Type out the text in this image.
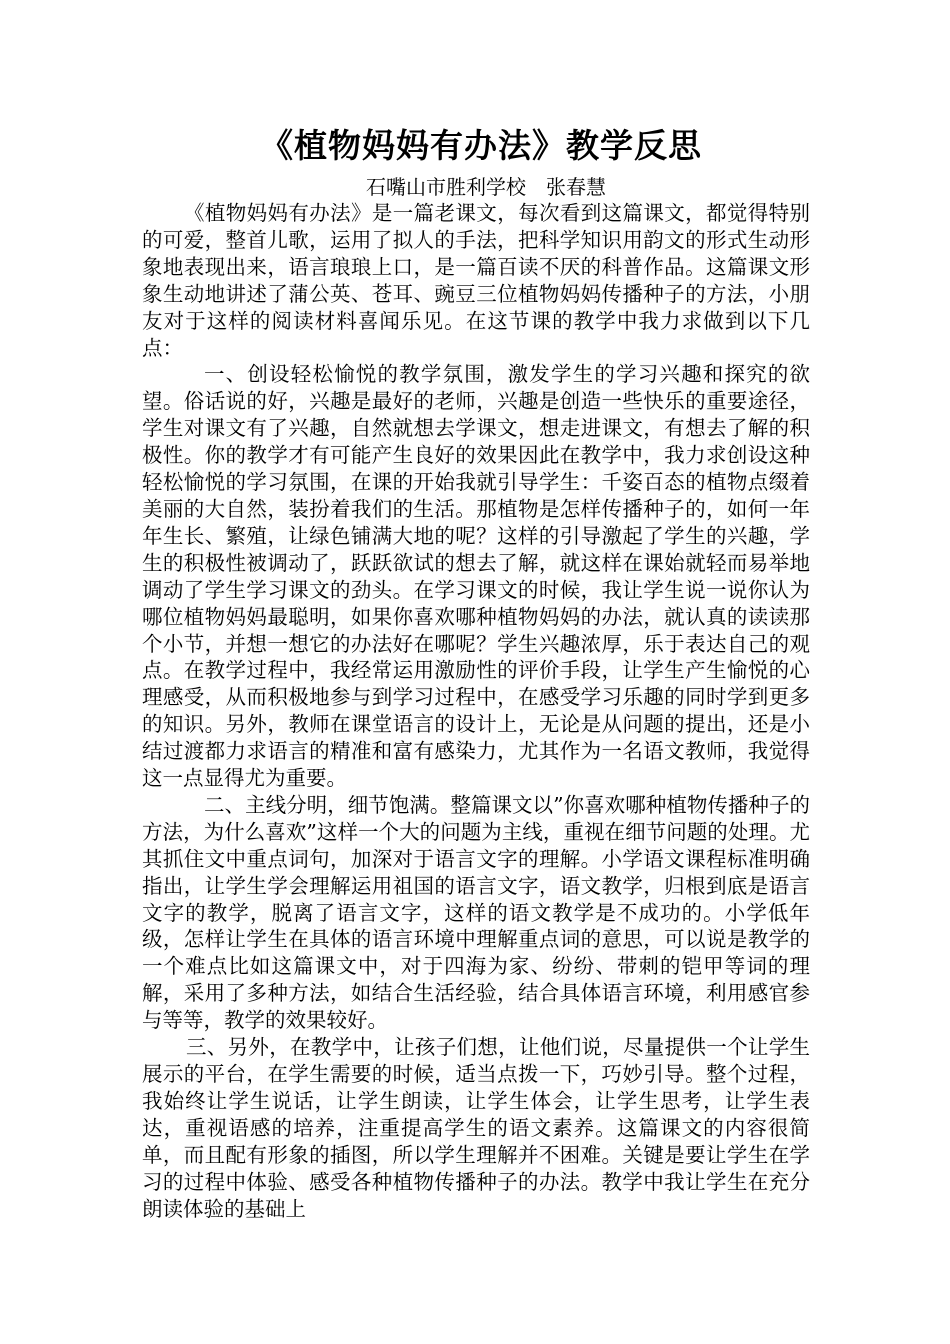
《植物妈妈有办法》教学反思

石嘴山市胜利学校　张春慧

《植物妈妈有办法》是一篇老课文，每次看到这篇课文，都觉得特别的可爱，整首儿歌，运用了拟人的手法，把科学知识用韵文的形式生动形象地表现出来，语言琅琅上口，是一篇百读不厌的科普作品。这篇课文形象生动地讲述了蒲公英、苍耳、豌豆三位植物妈妈传播种子的方法，小朋友对于这样的阅读材料喜闻乐见。在这节课的教学中我力求做到以下几点：

一、创设轻松愉悦的教学氛围，激发学生的学习兴趣和探究的欲望。俗话说的好，兴趣是最好的老师，兴趣是创造一些快乐的重要途径，学生对课文有了兴趣，自然就想去学课文，想走进课文，有想去了解的积极性。你的教学才有可能产生良好的效果因此在教学中，我力求创设这种轻松愉悦的学习氛围，在课的开始我就引导学生：千姿百态的植物点缀着美丽的大自然，装扮着我们的生活。那植物是怎样传播种子的，如何一年年生长、繁殖，让绿色铺满大地的呢？这样的引导激起了学生的兴趣，学生的积极性被调动了，跃跃欲试的想去了解，就这样在课始就轻而易举地调动了学生学习课文的劲头。在学习课文的时候，我让学生说一说你认为哪位植物妈妈最聪明，如果你喜欢哪种植物妈妈的办法，就认真的读读那个小节，并想一想它的办法好在哪呢？学生兴趣浓厚，乐于表达自己的观点。在教学过程中，我经常运用激励性的评价手段，让学生产生愉悦的心理感受，从而积极地参与到学习过程中，在感受学习乐趣的同时学到更多的知识。另外，教师在课堂语言的设计上，无论是从问题的提出，还是小结过渡都力求语言的精准和富有感染力，尤其作为一名语文教师，我觉得这一点显得尤为重要。

二、主线分明，细节饱满。整篇课文以”你喜欢哪种植物传播种子的方法，为什么喜欢”这样一个大的问题为主线，重视在细节问题的处理。尤其抓住文中重点词句，加深对于语言文字的理解。小学语文课程标准明确指出，让学生学会理解运用祖国的语言文字，语文教学，归根到底是语言文字的教学，脱离了语言文字，这样的语文教学是不成功的。小学低年级，怎样让学生在具体的语言环境中理解重点词的意思，可以说是教学的一个难点比如这篇课文中，对于四海为家、纷纷、带刺的铠甲等词的理解，采用了多种方法，如结合生活经验，结合具体语言环境，利用感官参与等等，教学的效果较好。

三、另外，在教学中，让孩子们想，让他们说，尽量提供一个让学生展示的平台，在学生需要的时候，适当点拨一下，巧妙引导。整个过程，我始终让学生说话，让学生朗读，让学生体会，让学生思考，让学生表达，重视语感的培养，注重提高学生的语文素养。这篇课文的内容很简单，而且配有形象的插图，所以学生理解并不困难。关键是要让学生在学习的过程中体验、感受各种植物传播种子的办法。教学中我让学生在充分朗读体验的基础上
